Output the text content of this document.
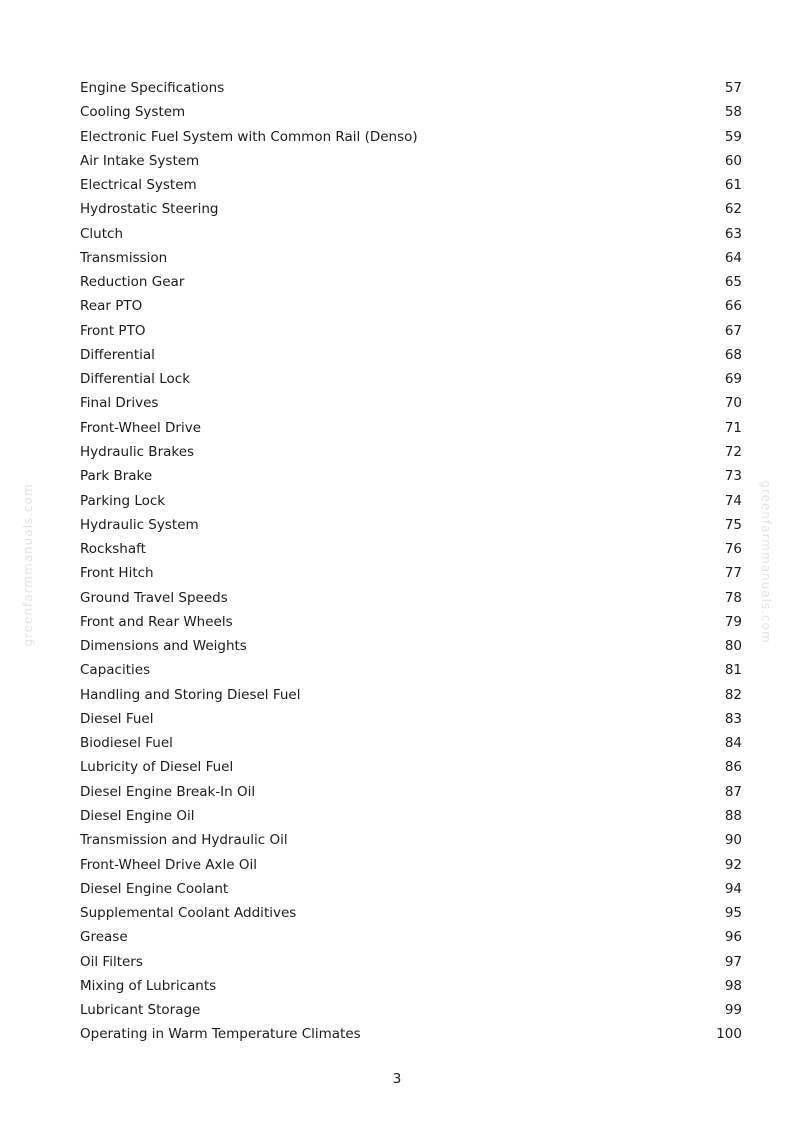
greenfarmmanuals.com	greenfarmmanuals.com
Engine Specifications	57
Cooling System	58
Electronic Fuel System with Common Rail (Denso)	59
Air Intake System	60
Electrical System	61
Hydrostatic Steering	62
Clutch	63
Transmission	64
Reduction Gear	65
Rear PTO	66
Front PTO	67
Differential	68
Differential Lock	69
Final Drives	70
Front-Wheel Drive	71
Hydraulic Brakes	72
Park Brake	73
Parking Lock	74
Hydraulic System	75
Rockshaft	76
Front Hitch	77
Ground Travel Speeds	78
Front and Rear Wheels	79
Dimensions and Weights	80
Capacities	81
Handling and Storing Diesel Fuel	82
Diesel Fuel	83
Biodiesel Fuel	84
Lubricity of Diesel Fuel	86
Diesel Engine Break-In Oil	87
Diesel Engine Oil	88
Transmission and Hydraulic Oil	90
Front-Wheel Drive Axle Oil	92
Diesel Engine Coolant	94
Supplemental Coolant Additives	95
Grease	96
Oil Filters	97
Mixing of Lubricants	98
Lubricant Storage	99
Operating in Warm Temperature Climates	100
3
